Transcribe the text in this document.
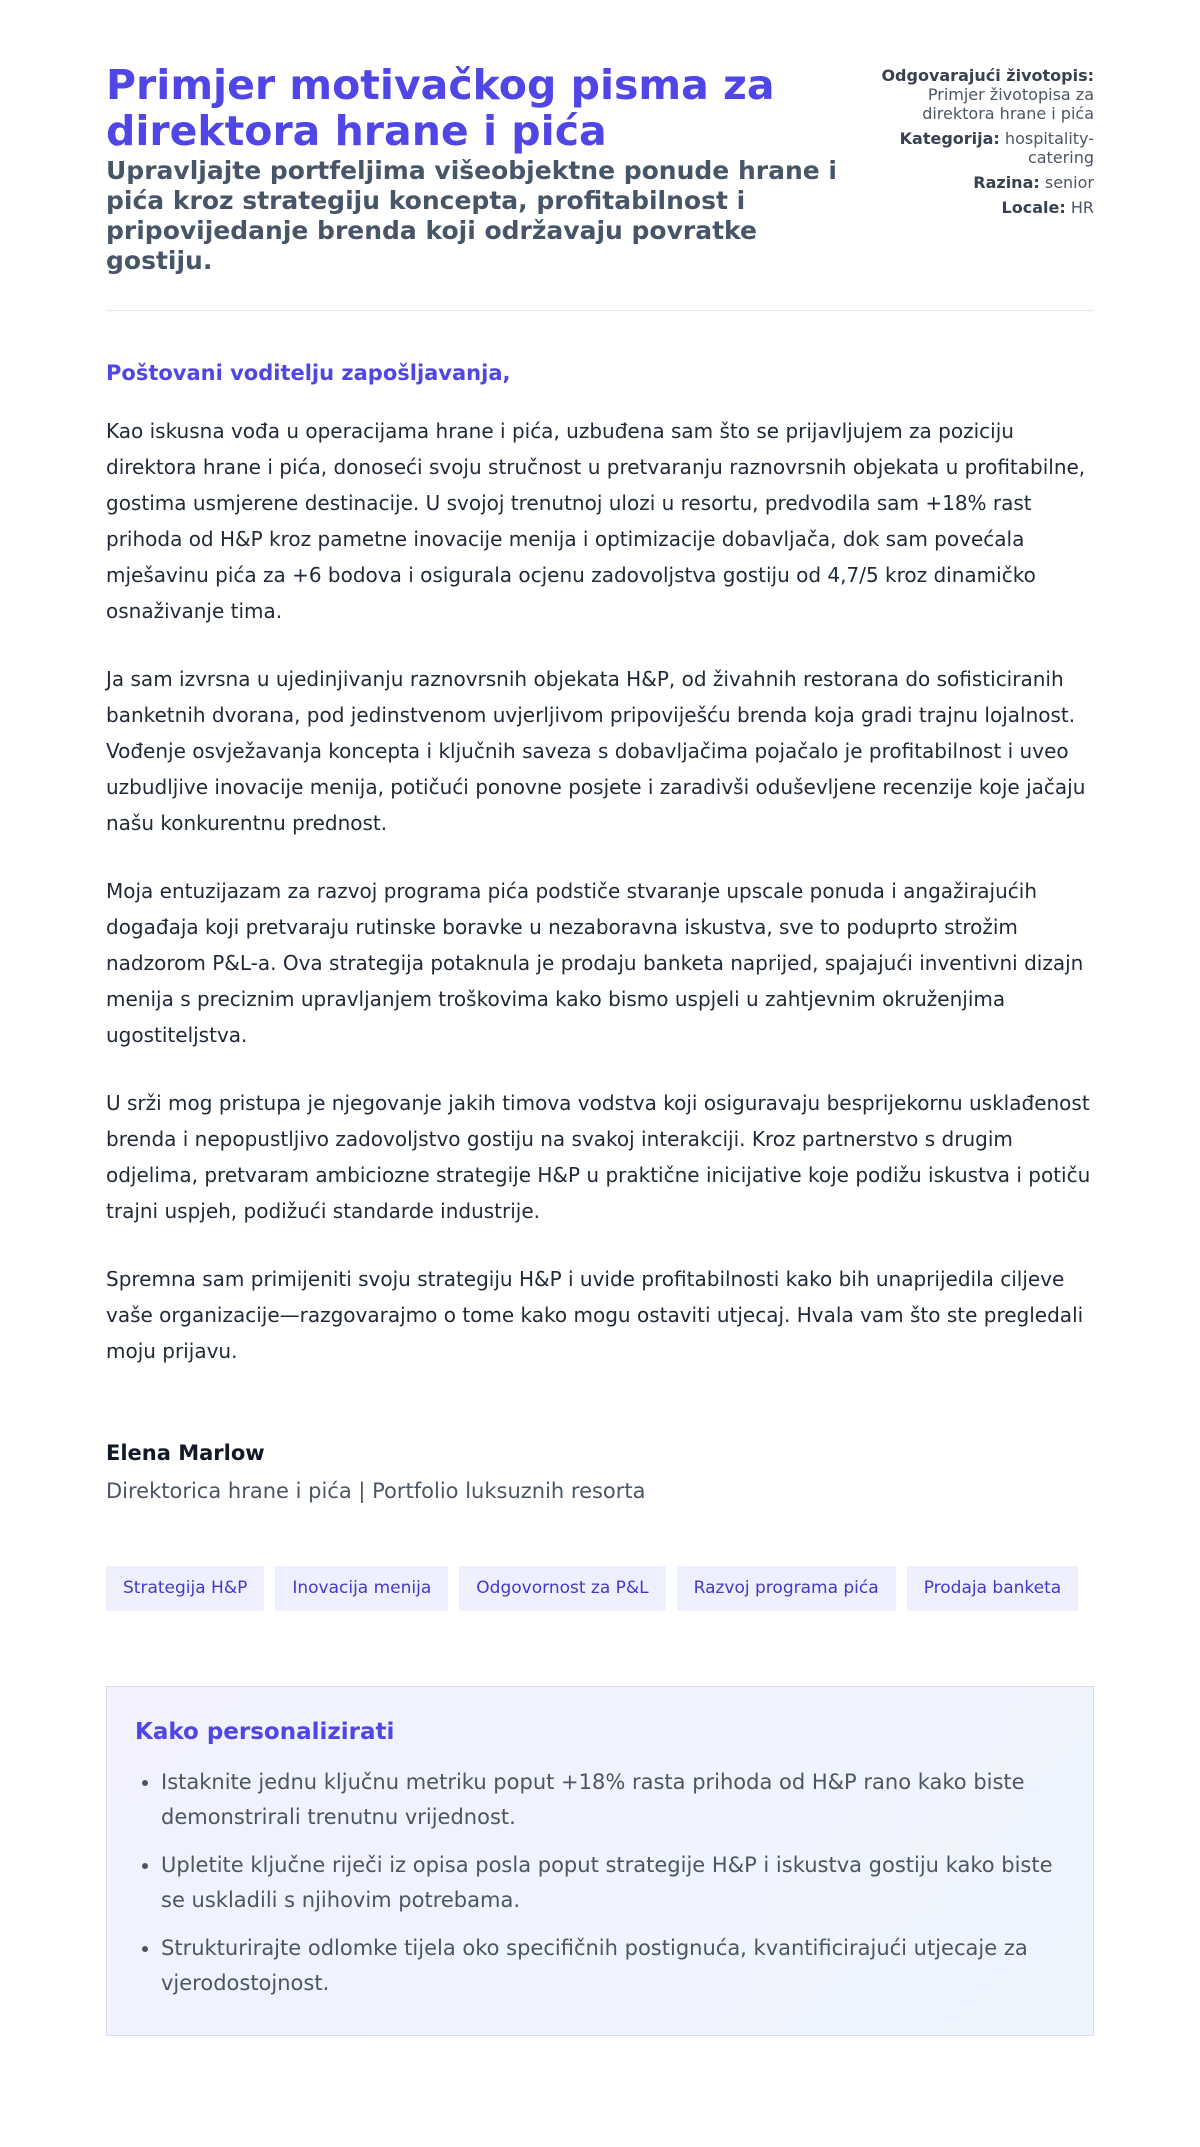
Primjer motivačkog pisma za direktora hrane i pića

Upravljajte portfeljima višeobjektne ponude hrane i pića kroz strategiju koncepta, profitabilnost i pripovijedanje brenda koji održavaju povratke gostiju.

Odgovarajući životopis: Primjer životopisa za direktora hrane i pića
Kategorija: hospitality-catering
Razina: senior
Locale: HR
Poštovani voditelju zapošljavanja,

Kao iskusna vođa u operacijama hrane i pića, uzbuđena sam što se prijavljujem za poziciju direktora hrane i pića, donoseći svoju stručnost u pretvaranju raznovrsnih objekata u profitabilne, gostima usmjerene destinacije. U svojoj trenutnoj ulozi u resortu, predvodila sam +18% rast prihoda od H&P kroz pametne inovacije menija i optimizacije dobavljača, dok sam povećala mješavinu pića za +6 bodova i osigurala ocjenu zadovoljstva gostiju od 4,7/5 kroz dinamičko osnaživanje tima.

Ja sam izvrsna u ujedinjivanju raznovrsnih objekata H&P, od živahnih restorana do sofisticiranih banketnih dvorana, pod jedinstvenom uvjerljivom pripoviješću brenda koja gradi trajnu lojalnost. Vođenje osvježavanja koncepta i ključnih saveza s dobavljačima pojačalo je profitabilnost i uveo uzbudljive inovacije menija, potičući ponovne posjete i zaradivši oduševljene recenzije koje jačaju našu konkurentnu prednost.

Moja entuzijazam za razvoj programa pića podstiče stvaranje upscale ponuda i angažirajućih događaja koji pretvaraju rutinske boravke u nezaboravna iskustva, sve to poduprto strožim nadzorom P&L-a. Ova strategija potaknula je prodaju banketa naprijed, spajajući inventivni dizajn menija s preciznim upravljanjem troškovima kako bismo uspjeli u zahtjevnim okruženjima ugostiteljstva.

U srži mog pristupa je njegovanje jakih timova vodstva koji osiguravaju besprijekornu usklađenost brenda i nepopustljivo zadovoljstvo gostiju na svakoj interakciji. Kroz partnerstvo s drugim odjelima, pretvaram ambiciozne strategije H&P u praktične inicijative koje podižu iskustva i potiču trajni uspjeh, podižući standarde industrije.

Spremna sam primijeniti svoju strategiju H&P i uvide profitabilnosti kako bih unaprijedila ciljeve vaše organizacije—razgovarajmo o tome kako mogu ostaviti utjecaj. Hvala vam što ste pregledali moju prijavu.

Elena Marlow
Direktorica hrane i pića | Portfolio luksuznih resorta
Strategija H&P	Inovacija menija	Odgovornost za P&L	Razvoj programa pića	Prodaja banketa
Kako personalizirati
• Istaknite jednu ključnu metriku poput +18% rasta prihoda od H&P rano kako biste demonstrirali trenutnu vrijednost.
• Upletite ključne riječi iz opisa posla poput strategije H&P i iskustva gostiju kako biste se uskladili s njihovim potrebama.
• Strukturirajte odlomke tijela oko specifičnih postignuća, kvantificirajući utjecaje za vjerodostojnost.
